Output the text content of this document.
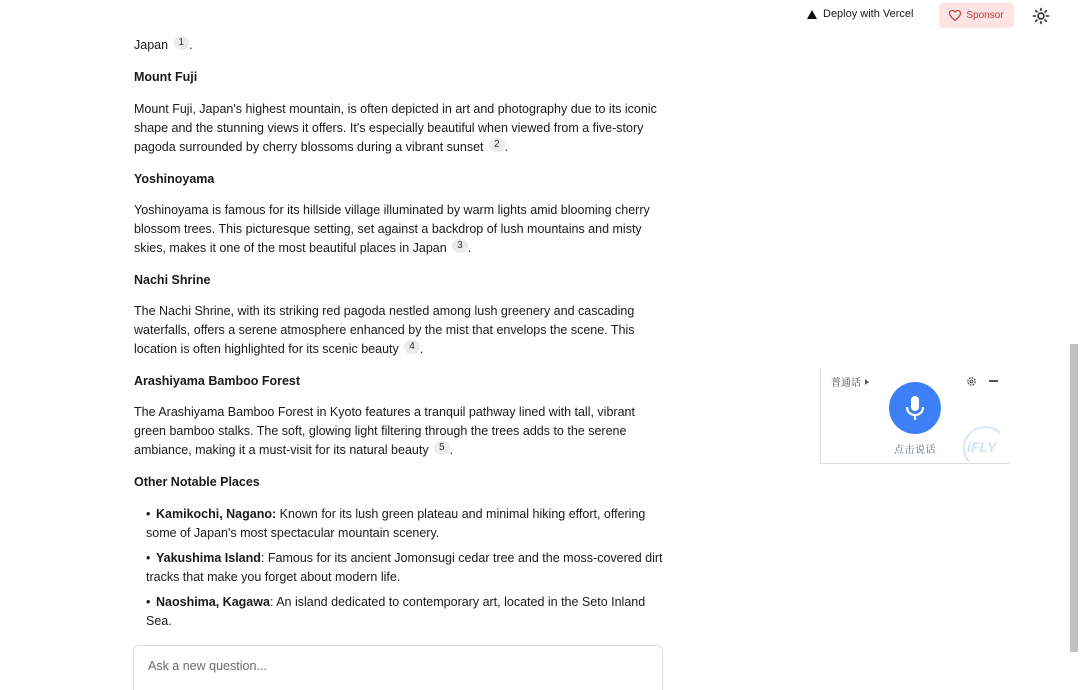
Deploy with Vercel	Sponsor
Japan 1 .
Mount Fuji
Mount Fuji, Japan's highest mountain, is often depicted in art and photography due to its iconic shape and the stunning views it offers. It's especially beautiful when viewed from a five-story pagoda surrounded by cherry blossoms during a vibrant sunset 2 .
Yoshinoyama
Yoshinoyama is famous for its hillside village illuminated by warm lights amid blooming cherry blossom trees. This picturesque setting, set against a backdrop of lush mountains and misty skies, makes it one of the most beautiful places in Japan 3 .
Nachi Shrine
The Nachi Shrine, with its striking red pagoda nestled among lush greenery and cascading waterfalls, offers a serene atmosphere enhanced by the mist that envelops the scene. This location is often highlighted for its scenic beauty 4 .
Arashiyama Bamboo Forest
The Arashiyama Bamboo Forest in Kyoto features a tranquil pathway lined with tall, vibrant green bamboo stalks. The soft, glowing light filtering through the trees adds to the serene ambiance, making it a must-visit for its natural beauty 5 .
Other Notable Places
• Kamikochi, Nagano: Known for its lush green plateau and minimal hiking effort, offering some of Japan's most spectacular mountain scenery.
• Yakushima Island: Famous for its ancient Jomonsugi cedar tree and the moss-covered dirt tracks that make you forget about modern life.
• Naoshima, Kagawa: An island dedicated to contemporary art, located in the Seto Inland Sea.
Ask a new question...
普通话
iFLY
点击说话
